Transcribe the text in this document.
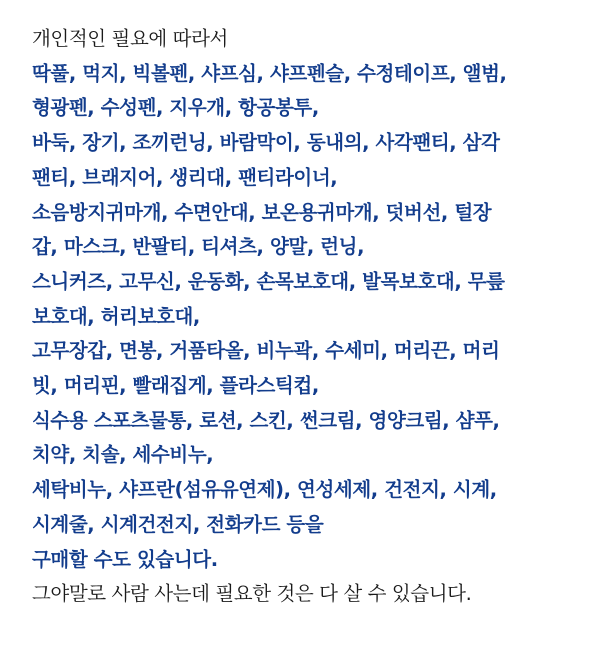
개인적인 필요에 따라서
딱풀, 먹지, 빅볼펜, 샤프심, 샤프펜슬, 수정테이프, 앨범,
형광펜, 수성펜, 지우개, 항공봉투,
바둑, 장기, 조끼런닝, 바람막이, 동내의, 사각팬티, 삼각
팬티, 브래지어, 생리대, 팬티라이너,
소음방지귀마개, 수면안대, 보온용귀마개, 덧버선, 털장
갑, 마스크, 반팔티, 티셔츠, 양말, 런닝,
스니커즈, 고무신, 운동화, 손목보호대, 발목보호대, 무릎
보호대, 허리보호대,
고무장갑, 면봉, 거품타올, 비누곽, 수세미, 머리끈, 머리
빗, 머리핀, 빨래집게, 플라스틱컵,
식수용 스포츠물통, 로션, 스킨, 썬크림, 영양크림, 샴푸,
치약, 치솔, 세수비누,
세탁비누, 샤프란(섬유유연제), 연성세제, 건전지, 시계,
시계줄, 시계건전지, 전화카드 등을
구매할 수도 있습니다.
그야말로 사람 사는데 필요한 것은 다 살 수 있습니다.
